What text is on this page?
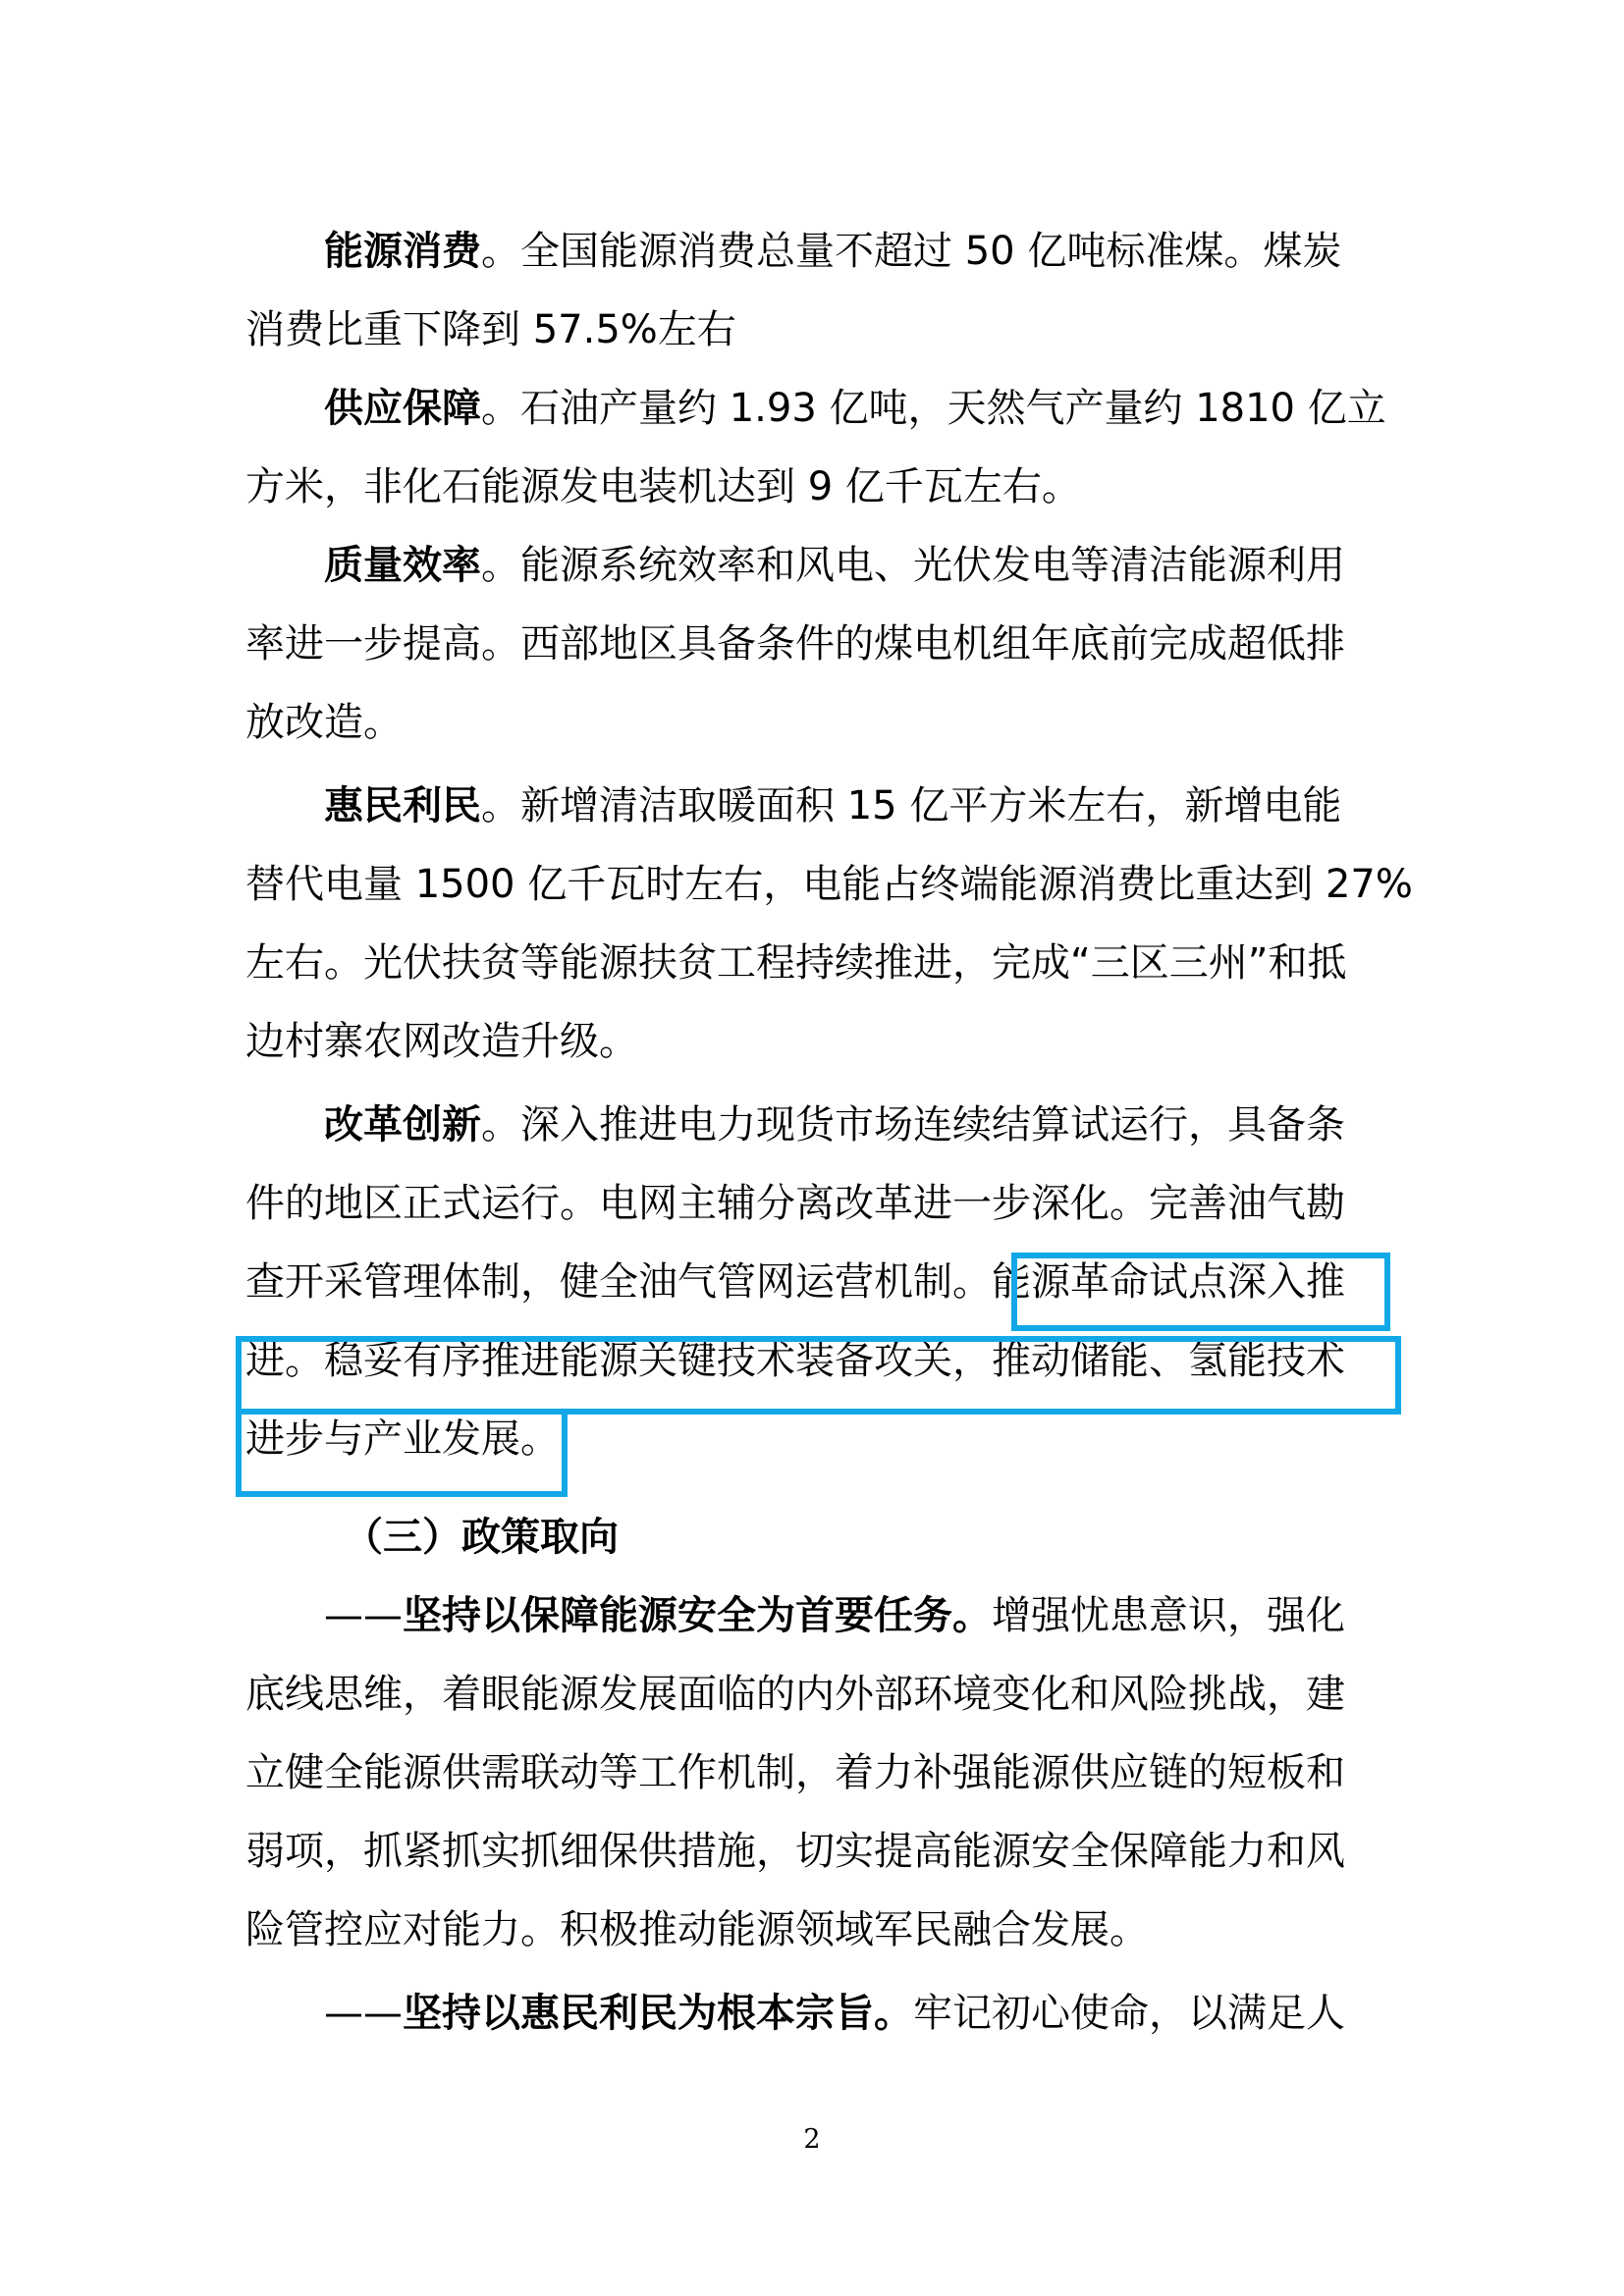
能源消费。全国能源消费总量不超过 50 亿吨标准煤。煤炭
消费比重下降到 57.5%左右
供应保障。石油产量约 1.93 亿吨，天然气产量约 1810 亿立
方米，非化石能源发电装机达到 9 亿千瓦左右。
质量效率。能源系统效率和风电、光伏发电等清洁能源利用
率进一步提高。西部地区具备条件的煤电机组年底前完成超低排
放改造。
惠民利民。新增清洁取暖面积 15 亿平方米左右，新增电能
替代电量 1500 亿千瓦时左右，电能占终端能源消费比重达到 27%
左右。光伏扶贫等能源扶贫工程持续推进，完成“三区三州”和抵
边村寨农网改造升级。
改革创新。深入推进电力现货市场连续结算试运行，具备条
件的地区正式运行。电网主辅分离改革进一步深化。完善油气勘
查开采管理体制，健全油气管网运营机制。能源革命试点深入推
进。稳妥有序推进能源关键技术装备攻关，推动储能、氢能技术
进步与产业发展。
（三）政策取向
——坚持以保障能源安全为首要任务。增强忧患意识，强化
底线思维，着眼能源发展面临的内外部环境变化和风险挑战，建
立健全能源供需联动等工作机制，着力补强能源供应链的短板和
弱项，抓紧抓实抓细保供措施，切实提高能源安全保障能力和风
险管控应对能力。积极推动能源领域军民融合发展。
——坚持以惠民利民为根本宗旨。牢记初心使命，以满足人
2
